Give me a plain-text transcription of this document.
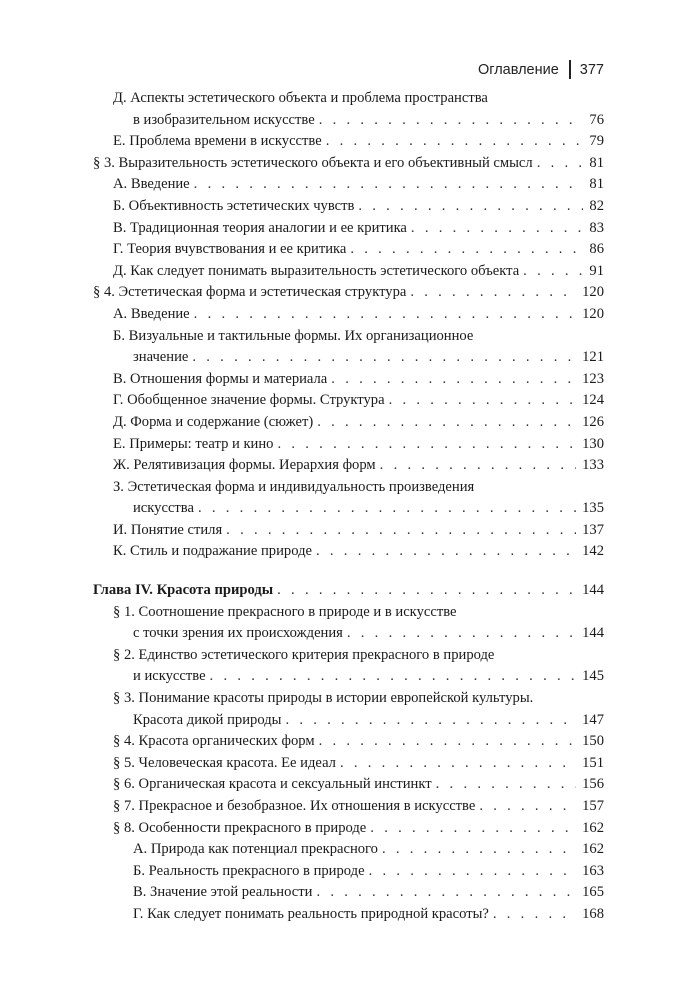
Оглавление 377
Д. Аспекты эстетического объекта и проблема пространства
в изобразительном искусстве . . .	76
Е. Проблема времени в искусстве . . .	79
§ 3. Выразительность эстетического объекта и его объективный смысл . . .	81
А. Введение . . .	81
Б. Объективность эстетических чувств . . .	82
В. Традиционная теория аналогии и ее критика . . .	83
Г. Теория вчувствования и ее критика . . .	86
Д. Как следует понимать выразительность эстетического объекта . . .	91
§ 4. Эстетическая форма и эстетическая структура . . .	120
А. Введение . . .	120
Б. Визуальные и тактильные формы. Их организационное
значение . . .	121
В. Отношения формы и материала . . .	123
Г. Обобщенное значение формы. Структура . . .	124
Д. Форма и содержание (сюжет) . . .	126
Е. Примеры: театр и кино . . .	130
Ж. Релятивизация формы. Иерархия форм . . .	133
З. Эстетическая форма и индивидуальность произведения
искусства . . .	135
И. Понятие стиля . . .	137
К. Стиль и подражание природе . . .	142
Глава IV. Красота природы . . .	144
§ 1. Соотношение прекрасного в природе и в искусстве
с точки зрения их происхождения . . .	144
§ 2. Единство эстетического критерия прекрасного в природе
и искусстве . . .	145
§ 3. Понимание красоты природы в истории европейской культуры.
Красота дикой природы . . .	147
§ 4. Красота органических форм . . .	150
§ 5. Человеческая красота. Ее идеал . . .	151
§ 6. Органическая красота и сексуальный инстинкт . . .	156
§ 7. Прекрасное и безобразное. Их отношения в искусстве . . .	157
§ 8. Особенности прекрасного в природе . . .	162
А. Природа как потенциал прекрасного . . .	162
Б. Реальность прекрасного в природе . . .	163
В. Значение этой реальности . . .	165
Г. Как следует понимать реальность природной красоты? . . .	168
